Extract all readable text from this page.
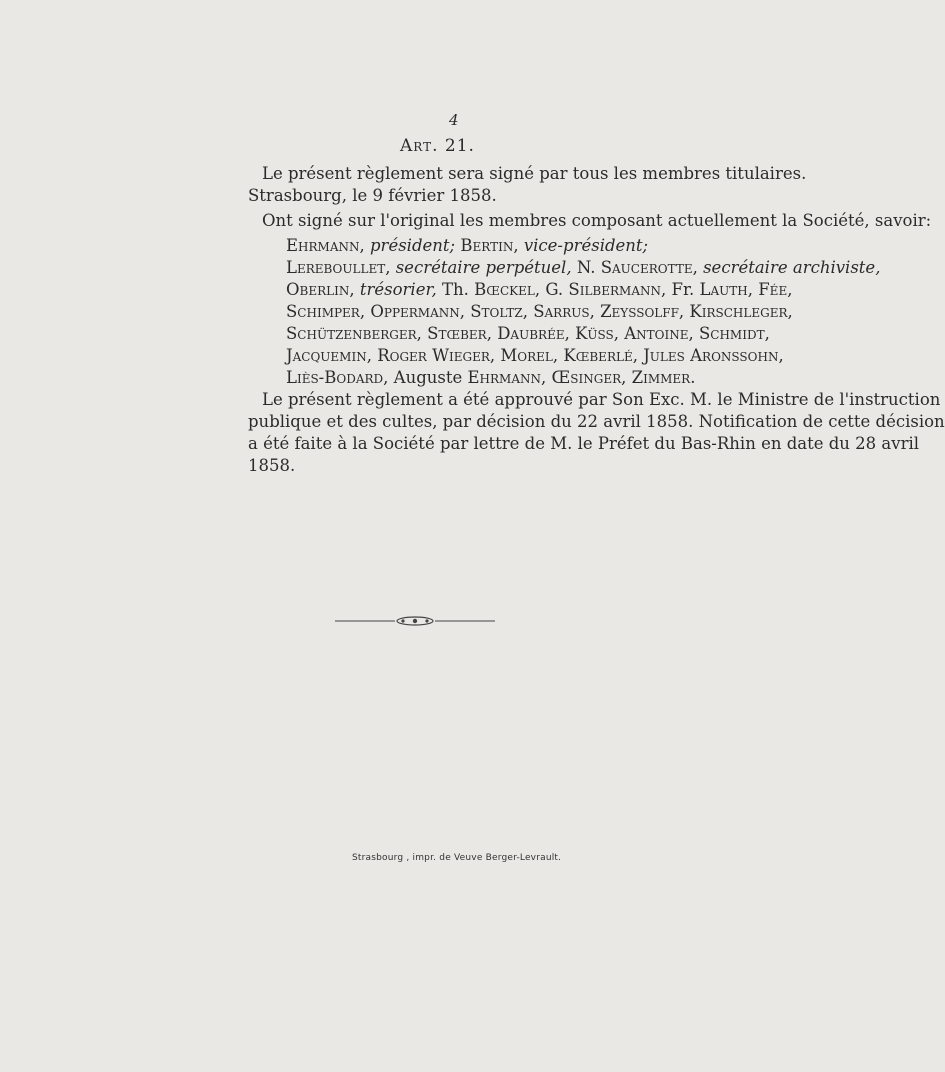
4
Art. 21.
Le présent règlement sera signé par tous les membres titulaires.
Strasbourg, le 9 février 1858.
Ont signé sur l'original les membres composant actuellement la Société, savoir:
Ehrmann, président; Bertin, vice-président;
Lereboullet, secrétaire perpétuel, N. Saucerotte, secrétaire archiviste,
Oberlin, trésorier, Th. Bœckel, G. Silbermann, Fr. Lauth, Fée,
Schimper, Oppermann, Stoltz, Sarrus, Zeyssolff, Kirschleger,
Schützenberger, Stœber, Daubrée, Küss, Antoine, Schmidt,
Jacquemin, Roger Wieger, Morel, Kœberlé, Jules Aronssohn,
Liès-Bodard, Auguste Ehrmann, Œsinger, Zimmer.
Le présent règlement a été approuvé par Son Exc. M. le Ministre de l'instruction
publique et des cultes, par décision du 22 avril 1858. Notification de cette décision
a été faite à la Société par lettre de M. le Préfet du Bas-Rhin en date du 28 avril
1858.
Strasbourg , impr. de Veuve Berger-Levrault.
